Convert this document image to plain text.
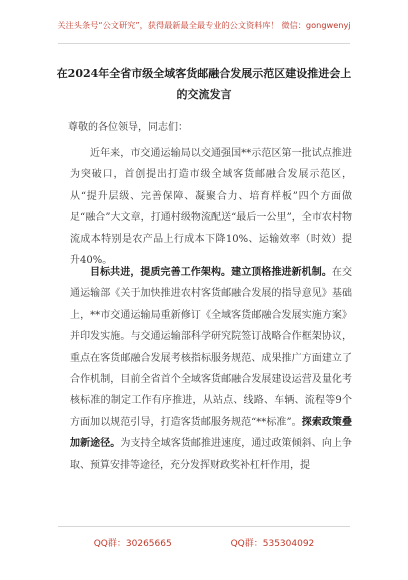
关注头条号“公文研究”，获得最新最全最专业的公文资料库！ 微信：gongwenyj
在2024年全省市级全域客货邮融合发展示范区建设推进会上的交流发言
尊敬的各位领导，同志们：
近年来，市交通运输局以交通强国**示范区第一批试点推进为突破口，首创提出打造市级全域客货邮融合发展示范区，从“提升层级、完善保障、凝聚合力、培育样板”四个方面做足“融合”大文章，打通村级物流配送“最后一公里”，全市农村物流成本特别是农产品上行成本下降10%、运输效率（时效）提升40%。
目标共进，提质完善工作架构。建立顶格推进新机制。在交通运输部《关于加快推进农村客货邮融合发展的指导意见》基础上，**市交通运输局重新修订《全域客货邮融合发展实施方案》并印发实施。与交通运输部科学研究院签订战略合作框架协议，重点在客货邮融合发展考核指标服务规范、成果推广方面建立了合作机制，目前全省首个全域客货邮融合发展建设运营及量化考核标准的制定工作有序推进，从站点、线路、车辆、流程等9个方面加以规范引导，打造客货邮服务规范“**标准”。探索政策叠加新途径。为支持全域客货邮推进速度，通过政策倾斜、向上争取、预算安排等途径，充分发挥财政奖补杠杆作用，提
QQ群：30265665	QQ群：535304092
